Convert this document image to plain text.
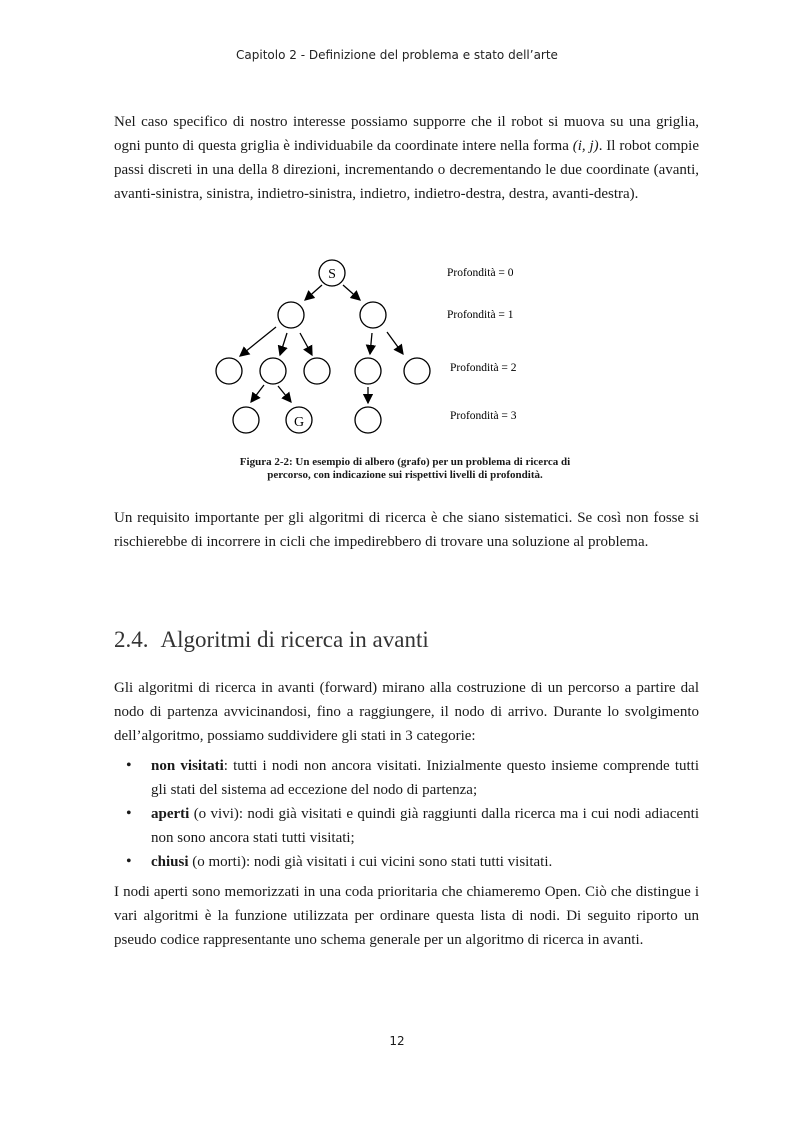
Capitolo 2 - Definizione del problema e stato dell’arte

Nel caso specifico di nostro interesse possiamo supporre che il robot si muova su una griglia, ogni punto di questa griglia è individuabile da coordinate intere nella forma (i, j). Il robot compie passi discreti in una della 8 direzioni, incrementando o decrementando le due coordinate (avanti, avanti-sinistra, sinistra, indietro-sinistra, indietro, indietro-destra, destra, avanti-destra).

S
G
Profondità = 0
Profondità = 1
Profondità = 2
Profondità = 3
Figura 2-2: Un esempio di albero (grafo) per un problema di ricerca di
percorso, con indicazione sui rispettivi livelli di profondità.

Un requisito importante per gli algoritmi di ricerca è che siano sistematici. Se così non fosse si rischierebbe di incorrere in cicli che impedirebbero di trovare una soluzione al problema.

2.4. Algoritmi di ricerca in avanti

Gli algoritmi di ricerca in avanti (forward) mirano alla costruzione di un percorso a partire dal nodo di partenza avvicinandosi, fino a raggiungere, il nodo di arrivo. Durante lo svolgimento dell’algoritmo, possiamo suddividere gli stati in 3 categorie:

• non visitati: tutti i nodi non ancora visitati. Inizialmente questo insieme comprende tutti gli stati del sistema ad eccezione del nodo di partenza;
• aperti (o vivi): nodi già visitati e quindi già raggiunti dalla ricerca ma i cui nodi adiacenti non sono ancora stati tutti visitati;
• chiusi (o morti): nodi già visitati i cui vicini sono stati tutti visitati.

I nodi aperti sono memorizzati in una coda prioritaria che chiameremo Open. Ciò che distingue i vari algoritmi è la funzione utilizzata per ordinare questa lista di nodi. Di seguito riporto un pseudo codice rappresentante uno schema generale per un algoritmo di ricerca in avanti.

12
